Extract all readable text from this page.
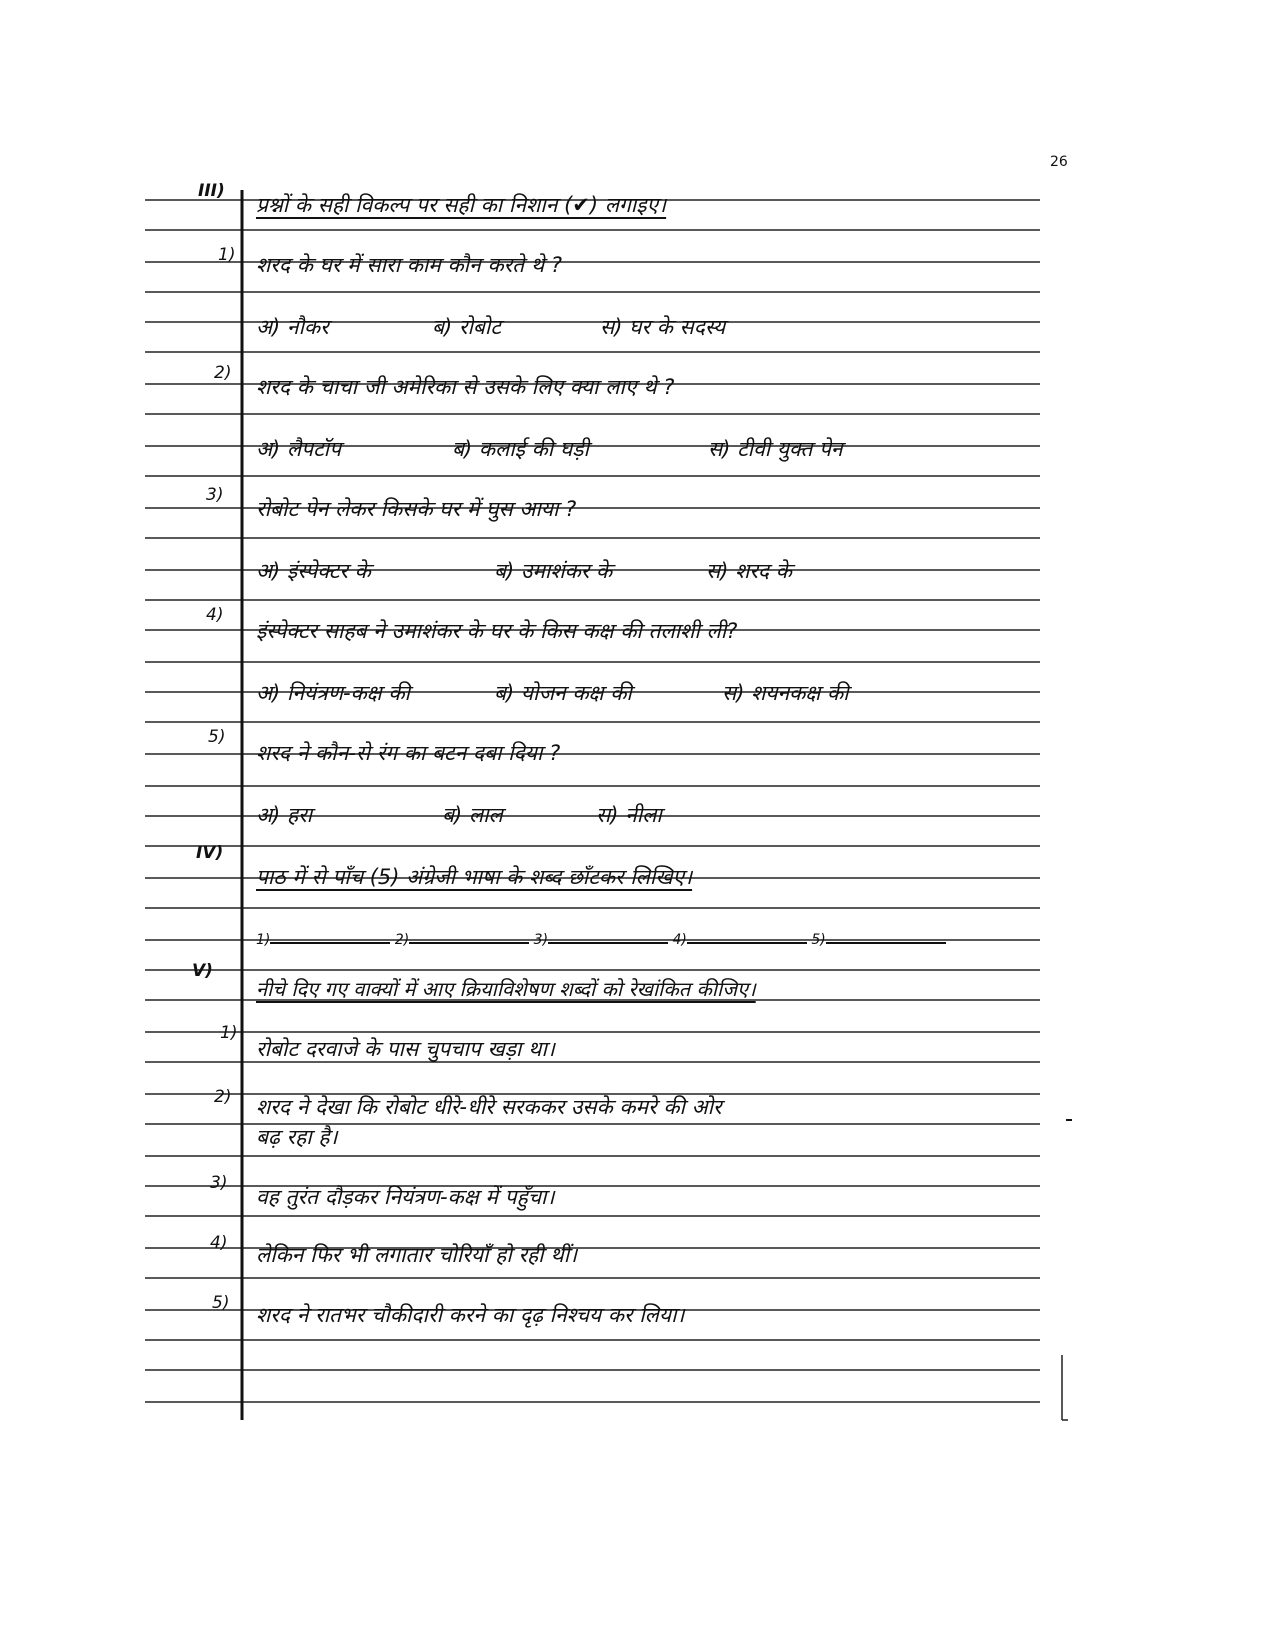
26
III)
प्रश्नों के सही विकल्प पर सही का निशान (✔) लगाइए।
1) शरद के घर में सारा काम कौन करते थे ?
अ) नौकर	ब) रोबोट	स) घर के सदस्य
2)
शरद के चाचा जी अमेरिका से उसके लिए क्या लाए थे ?
अ) लैपटॉप	ब) कलाई की घड़ी	स) टीवी युक्त पेन
3)
रोबोट पेन लेकर किसके घर में घुस आया ?
अ) इंस्पेक्टर के	ब) उमाशंकर के	स) शरद के
4)
इंस्पेक्टर साहब ने उमाशंकर के घर के किस कक्ष की तलाशी ली?
अ) नियंत्रण-कक्ष की	ब) योजन कक्ष की	स) शयनकक्ष की
5)
शरद ने कौन-से रंग का बटन दबा दिया ?
अ) हरा	ब) लाल	स) नीला
IV)
पाठ में से पाँच (5) अंग्रेजी भाषा के शब्द छाँटकर लिखिए।
1)	2)	3)	4)	5)
V)
नीचे दिए गए वाक्यों में आए क्रियाविशेषण शब्दों को रेखांकित कीजिए।
1)
रोबोट दरवाजे के पास चुपचाप खड़ा था।
2) शरद ने देखा कि रोबोट धीरे-धीरे सरककर उसके कमरे की ओर
बढ़ रहा है।
3)
वह तुरंत दौड़कर नियंत्रण-कक्ष में पहुँचा।
4) लेकिन फिर भी लगातार चोरियाँ हो रही थीं।
5) शरद ने रातभर चौकीदारी करने का दृढ़ निश्चय कर लिया।
